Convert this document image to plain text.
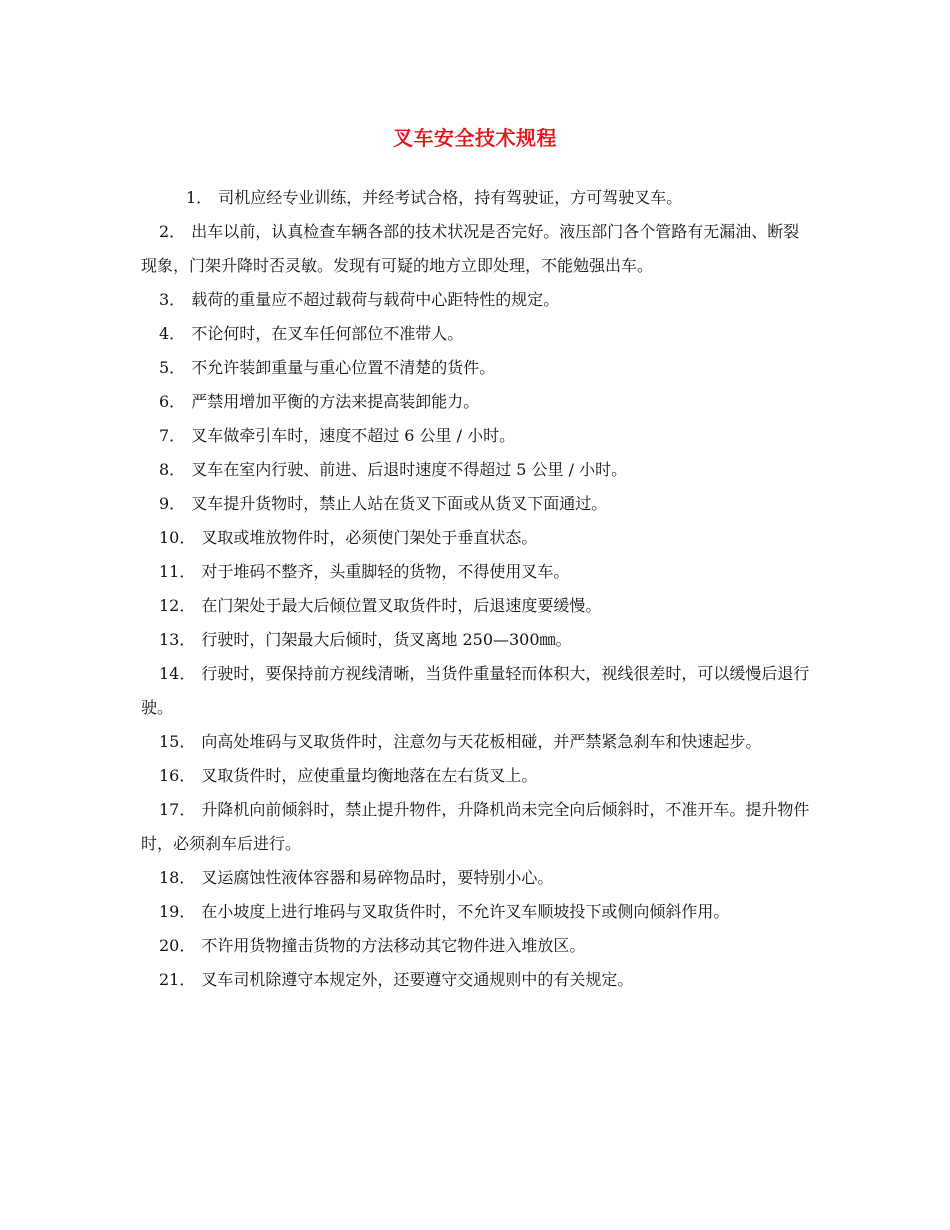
叉车安全技术规程

1． 司机应经专业训练，并经考试合格，持有驾驶证，方可驾驶叉车。

2． 出车以前，认真检查车辆各部的技术状况是否完好。液压部门各个管路有无漏油、断裂现象，门架升降时否灵敏。发现有可疑的地方立即处理，不能勉强出车。

3． 载荷的重量应不超过载荷与载荷中心距特性的规定。

4． 不论何时，在叉车任何部位不准带人。

5． 不允许装卸重量与重心位置不清楚的货件。

6． 严禁用增加平衡的方法来提高装卸能力。

7． 叉车做牵引车时，速度不超过 6 公里 / 小时。

8． 叉车在室内行驶、前进、后退时速度不得超过 5 公里 / 小时。

9． 叉车提升货物时，禁止人站在货叉下面或从货叉下面通过。

10． 叉取或堆放物件时，必须使门架处于垂直状态。

11． 对于堆码不整齐，头重脚轻的货物，不得使用叉车。

12． 在门架处于最大后倾位置叉取货件时，后退速度要缓慢。

13． 行驶时，门架最大后倾时，货叉离地 250—300㎜。

14． 行驶时，要保持前方视线清晰，当货件重量轻而体积大，视线很差时，可以缓慢后退行驶。

15． 向高处堆码与叉取货件时，注意勿与天花板相碰，并严禁紧急刹车和快速起步。

16． 叉取货件时，应使重量均衡地落在左右货叉上。

17． 升降机向前倾斜时，禁止提升物件，升降机尚未完全向后倾斜时，不准开车。提升物件时，必须刹车后进行。

18． 叉运腐蚀性液体容器和易碎物品时，要特别小心。

19． 在小坡度上进行堆码与叉取货件时，不允许叉车顺坡投下或侧向倾斜作用。

20． 不许用货物撞击货物的方法移动其它物件进入堆放区。

21． 叉车司机除遵守本规定外，还要遵守交通规则中的有关规定。
